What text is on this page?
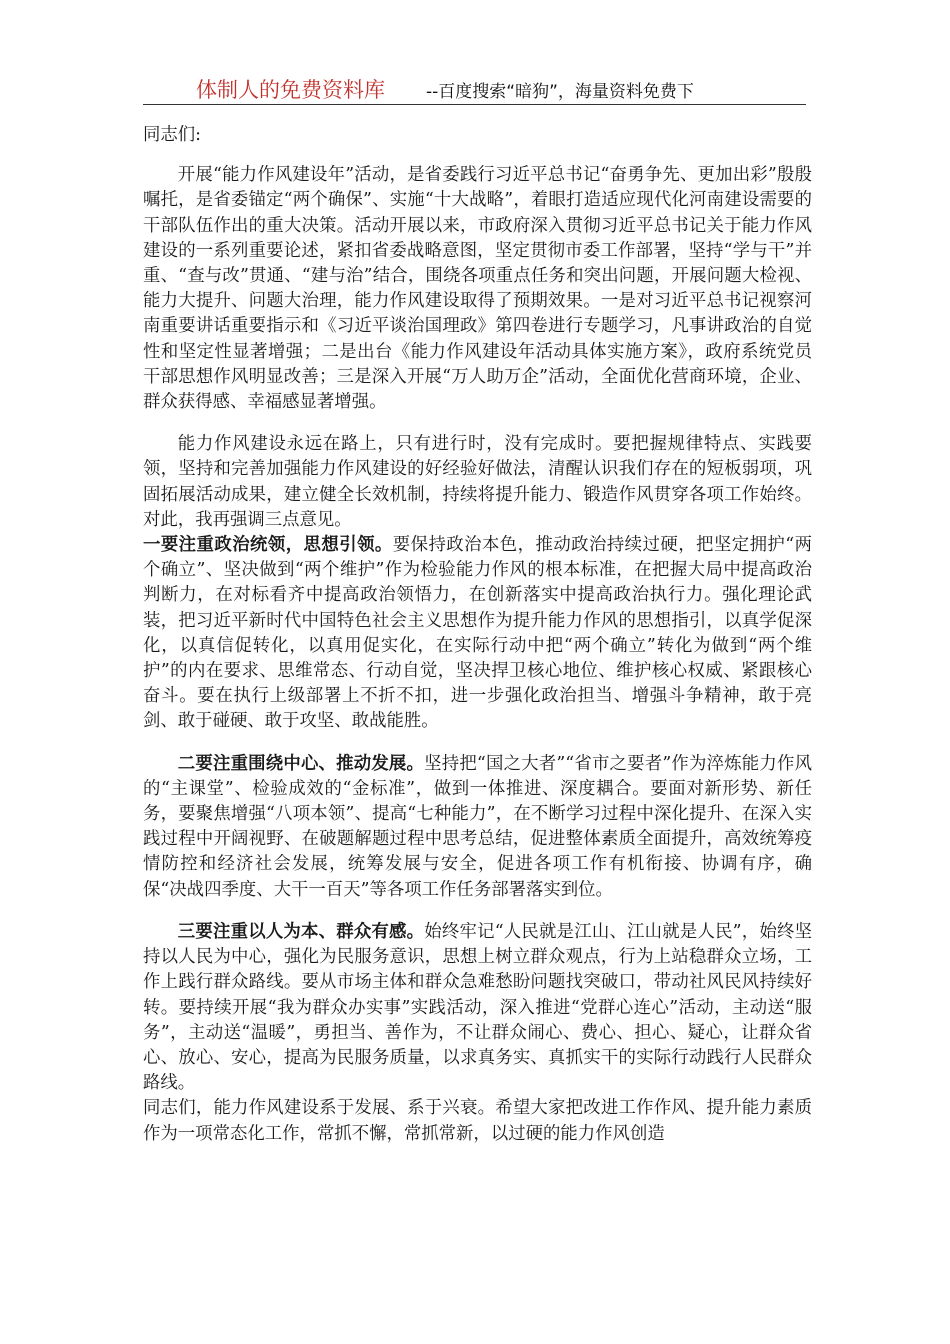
体制人的免费资料库 --百度搜索“暗狗”，海量资料免费下

同志们:

开展“能力作风建设年”活动，是省委践行习近平总书记“奋勇争先、更加出彩”殷殷嘱托，是省委锚定“两个确保”、实施“十大战略”，着眼打造适应现代化河南建设需要的干部队伍作出的重大决策。活动开展以来，市政府深入贯彻习近平总书记关于能力作风建设的一系列重要论述，紧扣省委战略意图，坚定贯彻市委工作部署，坚持“学与干”并重、“查与改”贯通、“建与治”结合，围绕各项重点任务和突出问题，开展问题大检视、能力大提升、问题大治理，能力作风建设取得了预期效果。一是对习近平总书记视察河南重要讲话重要指示和《习近平谈治国理政》第四卷进行专题学习，凡事讲政治的自觉性和坚定性显著增强；二是出台《能力作风建设年活动具体实施方案》，政府系统党员干部思想作风明显改善；三是深入开展“万人助万企”活动，全面优化营商环境，企业、群众获得感、幸福感显著增强。

能力作风建设永远在路上，只有进行时，没有完成时。要把握规律特点、实践要领，坚持和完善加强能力作风建设的好经验好做法，清醒认识我们存在的短板弱项，巩固拓展活动成果，建立健全长效机制，持续将提升能力、锻造作风贯穿各项工作始终。对此，我再强调三点意见。

一要注重政治统领，思想引领。要保持政治本色，推动政治持续过硬，把坚定拥护“两个确立”、坚决做到“两个维护”作为检验能力作风的根本标准，在把握大局中提高政治判断力，在对标看齐中提高政治领悟力，在创新落实中提高政治执行力。强化理论武装，把习近平新时代中国特色社会主义思想作为提升能力作风的思想指引，以真学促深化，以真信促转化，以真用促实化，在实际行动中把“两个确立”转化为做到“两个维护”的内在要求、思维常态、行动自觉，坚决捍卫核心地位、维护核心权威、紧跟核心奋斗。要在执行上级部署上不折不扣，进一步强化政治担当、增强斗争精神，敢于亮剑、敢于碰硬、敢于攻坚、敢战能胜。

二要注重围绕中心、推动发展。坚持把“国之大者”“省市之要者”作为淬炼能力作风的“主课堂”、检验成效的“金标准”，做到一体推进、深度耦合。要面对新形势、新任务，要聚焦增强“八项本领”、提高“七种能力”，在不断学习过程中深化提升、在深入实践过程中开阔视野、在破题解题过程中思考总结，促进整体素质全面提升，高效统筹疫情防控和经济社会发展，统筹发展与安全，促进各项工作有机衔接、协调有序，确保“决战四季度、大干一百天”等各项工作任务部署落实到位。

三要注重以人为本、群众有感。始终牢记“人民就是江山、江山就是人民”，始终坚持以人民为中心，强化为民服务意识，思想上树立群众观点，行为上站稳群众立场，工作上践行群众路线。要从市场主体和群众急难愁盼问题找突破口，带动社风民风持续好转。要持续开展“我为群众办实事”实践活动，深入推进“党群心连心”活动，主动送“服务”，主动送“温暖”，勇担当、善作为，不让群众闹心、费心、担心、疑心，让群众省心、放心、安心，提高为民服务质量，以求真务实、真抓实干的实际行动践行人民群众路线。

同志们，能力作风建设系于发展、系于兴衰。希望大家把改进工作作风、提升能力素质作为一项常态化工作，常抓不懈，常抓常新，以过硬的能力作风创造
